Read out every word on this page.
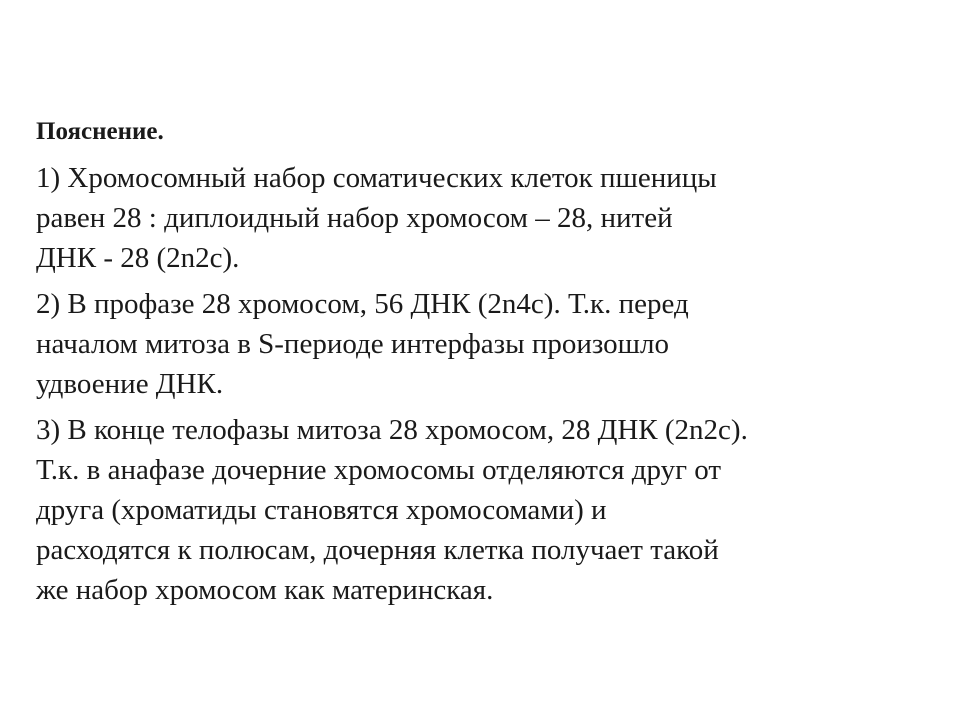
Пояснение.
1) Хромосомный набор соматических клеток пшеницы
равен 28 : диплоидный набор хромосом – 28, нитей
ДНК - 28 (2n2c).
2) В профазе 28 хромосом, 56 ДНК (2n4c). Т.к. перед
началом митоза в S-периоде интерфазы произошло
удвоение ДНК.
3) В конце телофазы митоза 28 хромосом, 28 ДНК (2n2c).
Т.к. в анафазе дочерние хромосомы отделяются друг от
друга (хроматиды становятся хромосомами) и
расходятся к полюсам, дочерняя клетка получает такой
же набор хромосом как материнская.
